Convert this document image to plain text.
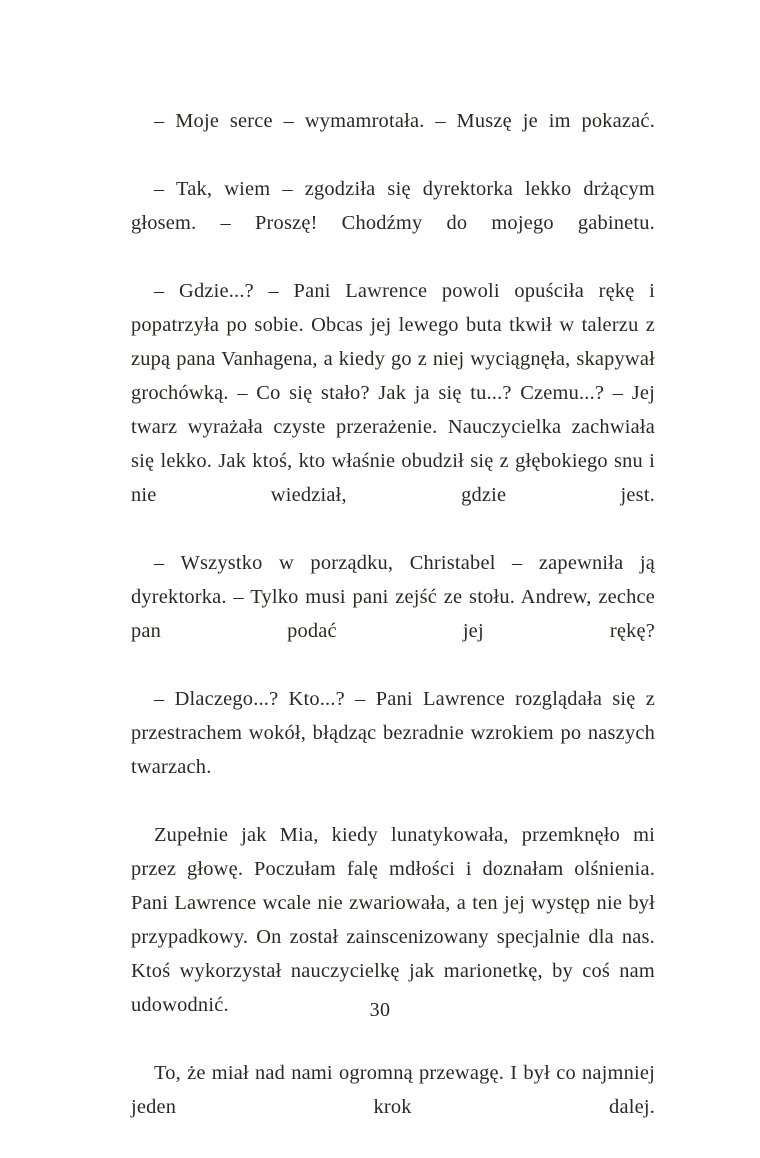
– Moje serce – wymamrotała. – Muszę je im pokazać.

– Tak, wiem – zgodziła się dyrektorka lekko drżącym głosem. – Proszę! Chodźmy do mojego gabinetu.

– Gdzie...? – Pani Lawrence powoli opuściła rękę i popatrzyła po sobie. Obcas jej lewego buta tkwił w talerzu z zupą pana Vanhagena, a kiedy go z niej wyciągnęła, skapywał grochówką. – Co się stało? Jak ja się tu...? Czemu...? – Jej twarz wyrażała czyste przerażenie. Nauczycielka zachwiała się lekko. Jak ktoś, kto właśnie obudził się z głębokiego snu i nie wiedział, gdzie jest.

– Wszystko w porządku, Christabel – zapewniła ją dyrektorka. – Tylko musi pani zejść ze stołu. Andrew, zechce pan podać jej rękę?

– Dlaczego...? Kto...? – Pani Lawrence rozglądała się z przestrachem wokół, błądząc bezradnie wzrokiem po naszych twarzach.

Zupełnie jak Mia, kiedy lunatykowała, przemknęło mi przez głowę. Poczułam falę mdłości i doznałam olśnienia. Pani Lawrence wcale nie zwariowała, a ten jej występ nie był przypadkowy. On został zainscenizowany specjalnie dla nas. Ktoś wykorzystał nauczycielkę jak marionetkę, by coś nam udowodnić.

To, że miał nad nami ogromną przewagę. I był co najmniej jeden krok dalej.

30
